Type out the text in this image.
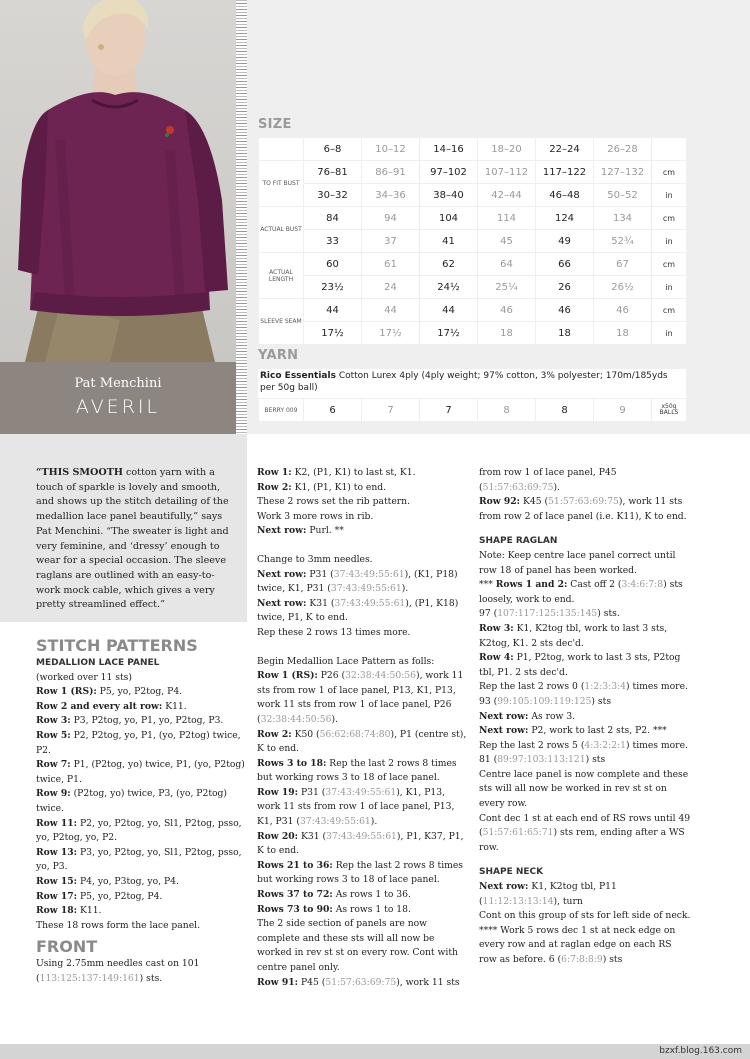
Pat Menchini
AVERIL
“THIS SMOOTH cotton yarn with a touch of sparkle is lovely and smooth, and shows up the stitch detailing of the medallion lace panel beautifully,” says Pat Menchini. “The sweater is light and very feminine, and ‘dressy’ enough to wear for a special occasion. The sleeve raglans are outlined with an easy-to-work mock cable, which gives a very pretty streamlined effect.”
SIZE
	6–8	10–12	14–16	18–20	22–24	26–28	
TO FIT BUST	76–81	86–91	97–102	107–112	117–122	127–132	cm
	30–32	34–36	38–40	42–44	46–48	50–52	in
ACTUAL BUST	84	94	104	114	124	134	cm
	33	37	41	45	49	52¾	in
ACTUAL LENGTH	60	61	62	64	66	67	cm
	23½	24	24½	25¼	26	26½	in
SLEEVE SEAM	44	44	44	46	46	46	cm
	17½	17½	17½	18	18	18	in
YARN
Rico Essentials Cotton Lurex 4ply (4ply weight; 97% cotton, 3% polyester; 170m/185yds per 50g ball)
BERRY 009	6	7	7	8	8	9	x50g BALLS
STITCH PATTERNS
MEDALLION LACE PANEL

(worked over 11 sts)

Row 1 (RS): P5, yo, P2tog, P4.

Row 2 and every alt row: K11.

Row 3: P3, P2tog, yo, P1, yo, P2tog, P3.

Row 5: P2, P2tog, yo, P1, (yo, P2tog) twice, P2.

Row 7: P1, (P2tog, yo) twice, P1, (yo, P2tog) twice, P1.

Row 9: (P2tog, yo) twice, P3, (yo, P2tog) twice.

Row 11: P2, yo, P2tog, yo, Sl1, P2tog, psso, yo, P2tog, yo, P2.

Row 13: P3, yo, P2tog, yo, Sl1, P2tog, psso, yo, P3.

Row 15: P4, yo, P3tog, yo, P4.

Row 17: P5, yo, P2tog, P4.

Row 18: K11.

These 18 rows form the lace panel.

FRONT

Using 2.75mm needles cast on 101 (113:125:137:149:161) sts.

Row 1: K2, (P1, K1) to last st, K1.

Row 2: K1, (P1, K1) to end.

These 2 rows set the rib pattern.

Work 3 more rows in rib.

Next row: Purl. **

Change to 3mm needles.

Next row: P31 (37:43:49:55:61), (K1, P18) twice, K1, P31 (37:43:49:55:61).

Next row: K31 (37:43:49:55:61), (P1, K18) twice, P1, K to end.

Rep these 2 rows 13 times more.

Begin Medallion Lace Pattern as folls:

Row 1 (RS): P26 (32:38:44:50:56), work 11 sts from row 1 of lace panel, P13, K1, P13, work 11 sts from row 1 of lace panel, P26 (32:38:44:50:56).

Row 2: K50 (56:62:68:74:80), P1 (centre st), K to end.

Rows 3 to 18: Rep the last 2 rows 8 times but working rows 3 to 18 of lace panel.

Row 19: P31 (37:43:49:55:61), K1, P13, work 11 sts from row 1 of lace panel, P13, K1, P31 (37:43:49:55:61).

Row 20: K31 (37:43:49:55:61), P1, K37, P1, K to end.

Rows 21 to 36: Rep the last 2 rows 8 times but working rows 3 to 18 of lace panel.

Rows 37 to 72: As rows 1 to 36.

Rows 73 to 90: As rows 1 to 18.

The 2 side section of panels are now complete and these sts will all now be worked in rev st st on every row. Cont with centre panel only.

Row 91: P45 (51:57:63:69:75), work 11 sts

from row 1 of lace panel, P45 (51:57:63:69:75).

Row 92: K45 (51:57:63:69:75), work 11 sts from row 2 of lace panel (i.e. K11), K to end.

SHAPE RAGLAN

Note: Keep centre lace panel correct until row 18 of panel has been worked.

*** Rows 1 and 2: Cast off 2 (3:4:6:7:8) sts loosely, work to end.

97 (107:117:125:135:145) sts.

Row 3: K1, K2tog tbl, work to last 3 sts, K2tog, K1. 2 sts dec'd.

Row 4: P1, P2tog, work to last 3 sts, P2tog tbl, P1. 2 sts dec'd.

Rep the last 2 rows 0 (1:2:3:3:4) times more.

93 (99:105:109:119:125) sts

Next row: As row 3.

Next row: P2, work to last 2 sts, P2. ***

Rep the last 2 rows 5 (4:3:2:2:1) times more.

81 (89:97:103:113:121) sts

Centre lace panel is now complete and these sts will all now be worked in rev st st on every row.

Cont dec 1 st at each end of RS rows until 49 (51:57:61:65:71) sts rem, ending after a WS row.

SHAPE NECK

Next row: K1, K2tog tbl, P11 (11:12:13:13:14), turn

Cont on this group of sts for left side of neck.

**** Work 5 rows dec 1 st at neck edge on every row and at raglan edge on each RS row as before. 6 (6:7:8:8:9) sts

bzxf.blog.163.com
